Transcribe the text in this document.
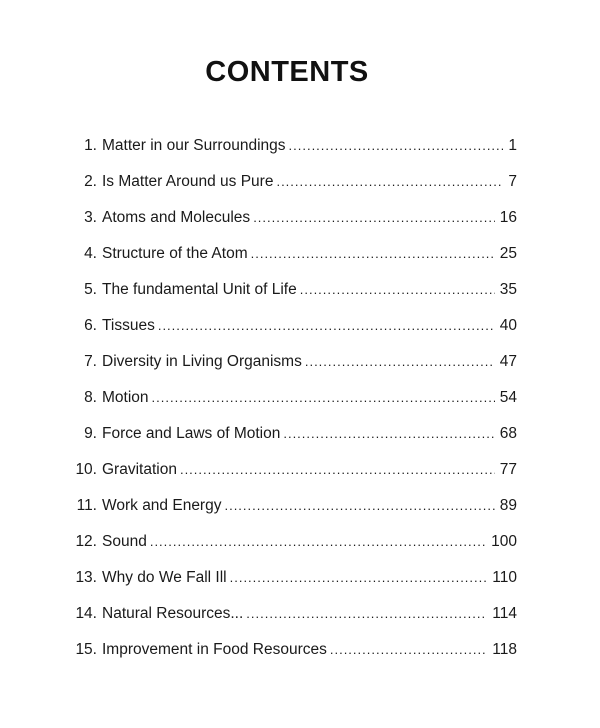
CONTENTS
1. Matter in our Surroundings .....	1
2. Is Matter Around us Pure .....	7
3. Atoms and Molecules .....	16
4. Structure of the Atom .....	25
5. The fundamental Unit of Life .....	35
6. Tissues .....	40
7. Diversity in Living Organisms .....	47
8. Motion .....	54
9. Force and Laws of Motion .....	68
10. Gravitation .....	77
11. Work and Energy .....	89
12. Sound .....	100
13. Why do We Fall Ill .....	110
14. Natural Resources... .....	114
15. Improvement in Food Resources .....	118
